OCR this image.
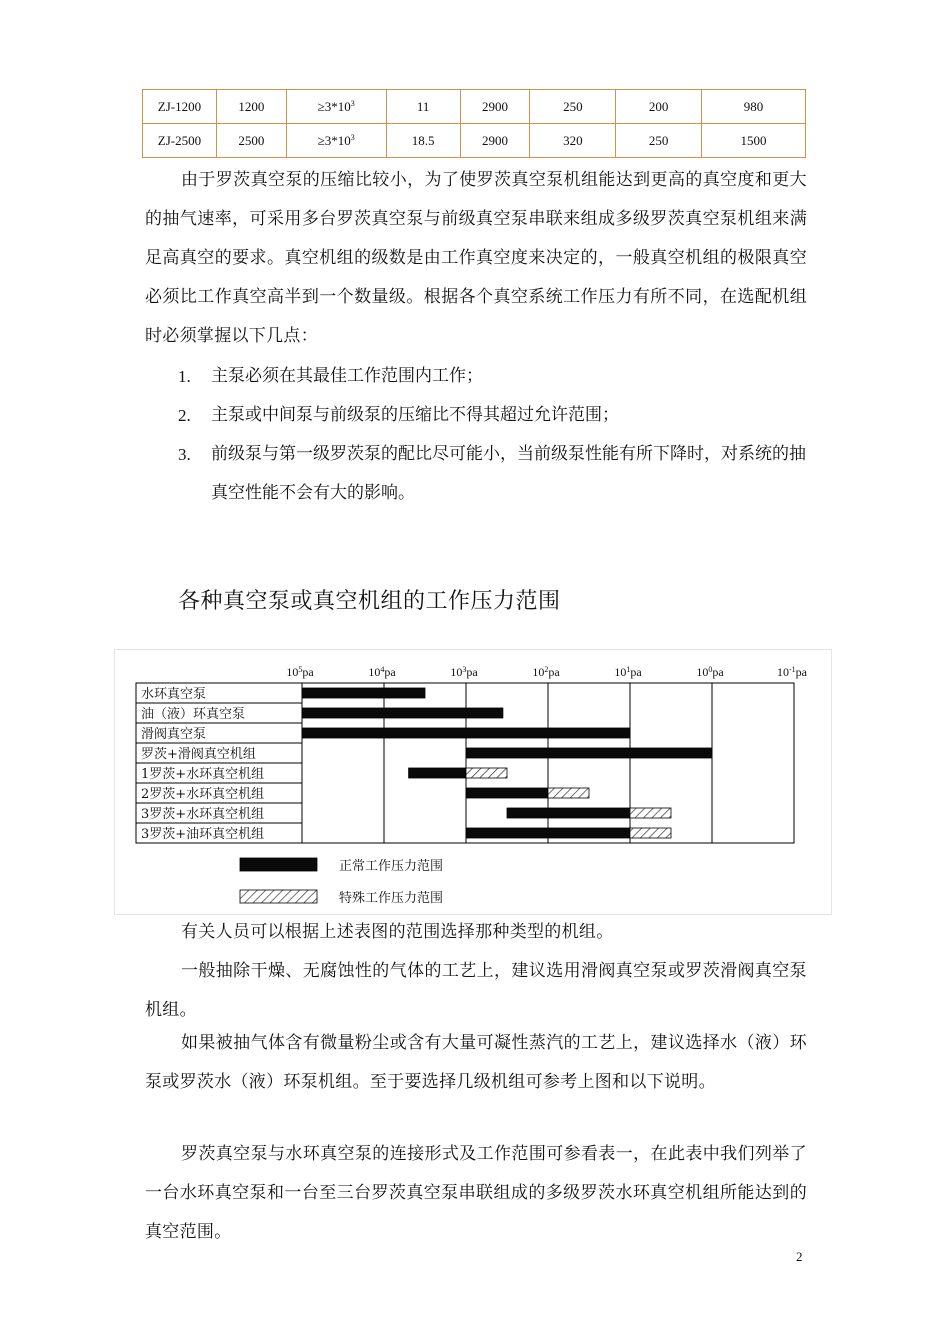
ZJ-1200	1200	$\ge 3*10_3$	11	2900	250	200	980
ZJ-2500	2500	$\ge 3*10_3$	18.5	2900	320	250	1500

由于罗茨真空泵的压缩比较小，为了使罗茨真空泵机组能达到更高的真空度和更大的抽气速率，可采用多台罗茨真空泵与前级真空泵串联来组成多级罗茨真空泵机组来满足高真空的要求。真空机组的级数是由工作真空度来决定的，一般真空机组的极限真空必须比工作真空高半到一个数量级。根据各个真空系统工作压力有所不同，在选配机组时必须掌握以下几点：

1. 主泵必须在其最佳工作范围内工作；
2. 主泵或中间泵与前级泵的压缩比不得其超过允许范围；
3. 前级泵与第一级罗茨泵的配比尽可能小，当前级泵性能有所下降时，对系统的抽真空性能不会有大的影响。
各种真空泵或真空机组的工作压力范围
$10^5pa$	$10^4pa$	$10^3pa$	$10^2pa$	$10^1pa$	$10^0pa$	$10^{-1}pa$
水环真空泵
油（液）环真空泵
滑阀真空泵
罗茨+滑阀真空机组
1罗茨+水环真空机组
2罗茨+水环真空机组
3罗茨+水环真空机组
3罗茨+油环真空机组
正常工作压力范围
特殊工作压力范围

有关人员可以根据上述表图的范围选择那种类型的机组。

一般抽除干燥、无腐蚀性的气体的工艺上，建议选用滑阀真空泵或罗茨滑阀真空泵机组。

如果被抽气体含有微量粉尘或含有大量可凝性蒸汽的工艺上，建议选择水（液）环泵或罗茨水（液）环泵机组。至于要选择几级机组可参考上图和以下说明。

罗茨真空泵与水环真空泵的连接形式及工作范围可参看表一，在此表中我们列举了一台水环真空泵和一台至三台罗茨真空泵串联组成的多级罗茨水环真空机组所能达到的真空范围。

2
